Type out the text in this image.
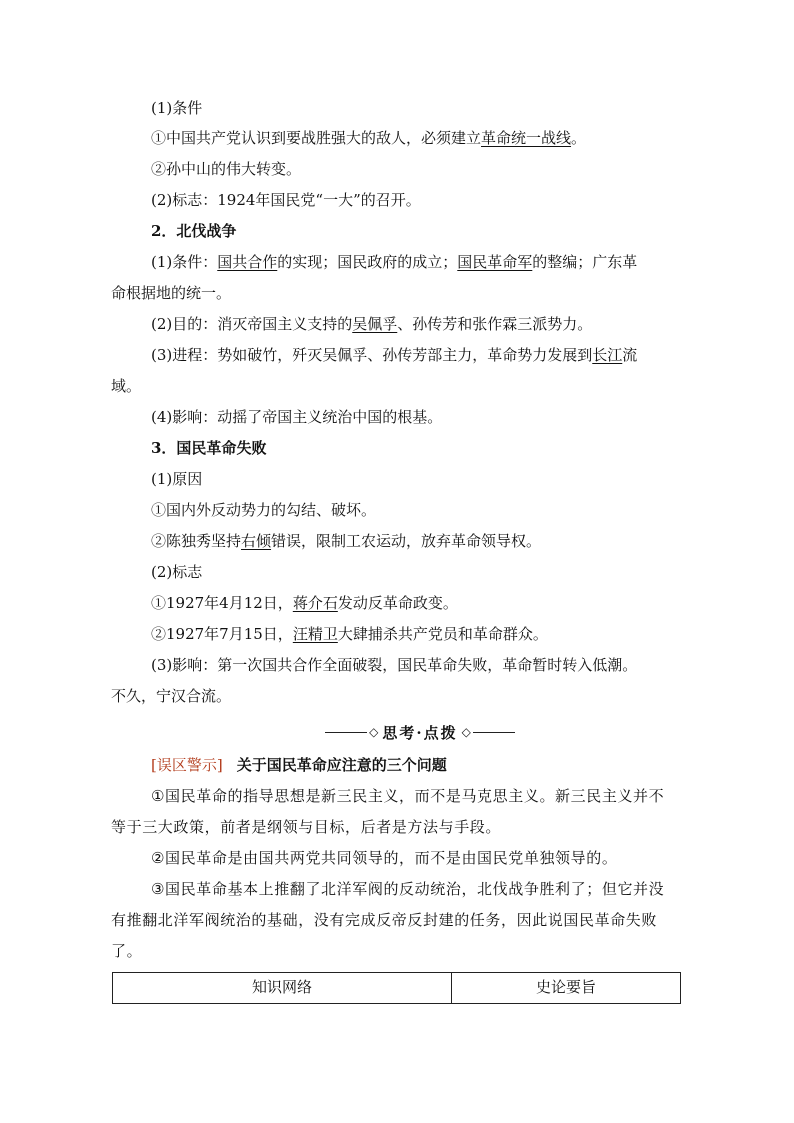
(1)条件
①中国共产党认识到要战胜强大的敌人，必须建立革命统一战线。
②孙中山的伟大转变。
(2)标志：1924年国民党“一大”的召开。
2．北伐战争
(1)条件：国共合作的实现；国民政府的成立；国民革命军的整编；广东革
命根据地的统一。
(2)目的：消灭帝国主义支持的吴佩孚、孙传芳和张作霖三派势力。
(3)进程：势如破竹，歼灭吴佩孚、孙传芳部主力，革命势力发展到长江流
域。
(4)影响：动摇了帝国主义统治中国的根基。
3．国民革命失败
(1)原因
①国内外反动势力的勾结、破坏。
②陈独秀坚持右倾错误，限制工农运动，放弃革命领导权。
(2)标志
①1927年4月12日，蒋介石发动反革命政变。
②1927年7月15日，汪精卫大肆捕杀共产党员和革命群众。
(3)影响：第一次国共合作全面破裂，国民革命失败，革命暂时转入低潮。
不久，宁汉合流。
◇ 思考·点拨 ◇
[误区警示] 关于国民革命应注意的三个问题
①国民革命的指导思想是新三民主义，而不是马克思主义。新三民主义并不
等于三大政策，前者是纲领与目标，后者是方法与手段。
②国民革命是由国共两党共同领导的，而不是由国民党单独领导的。
③国民革命基本上推翻了北洋军阀的反动统治，北伐战争胜利了；但它并没
有推翻北洋军阀统治的基础，没有完成反帝反封建的任务，因此说国民革命失败
了。
知识网络	史论要旨
